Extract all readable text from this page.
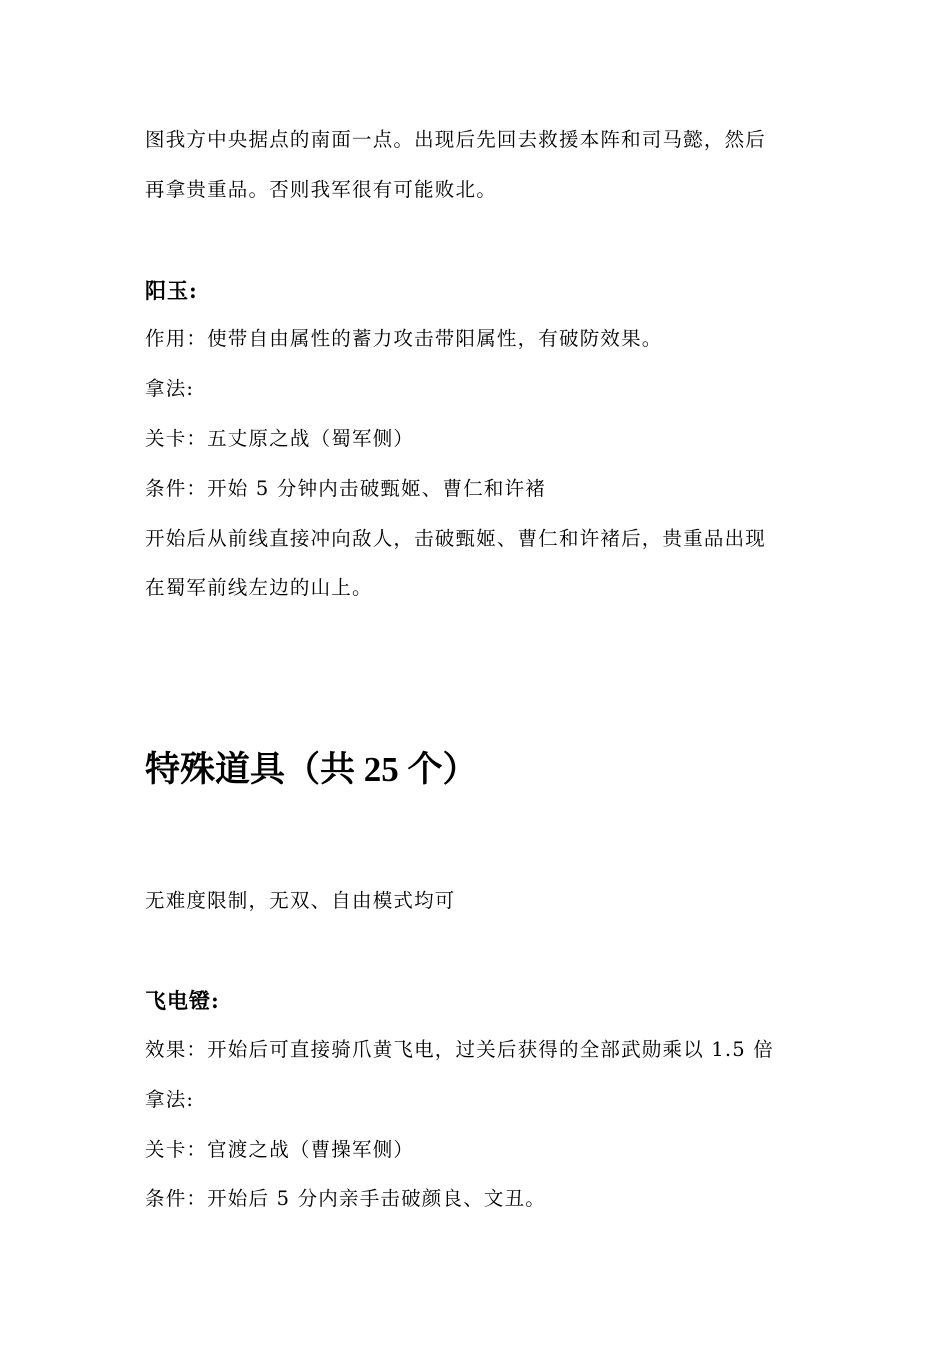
图我方中央据点的南面一点。出现后先回去救援本阵和司马懿，然后
再拿贵重品。否则我军很有可能败北。
阳玉:
作用：使带自由属性的蓄力攻击带阳属性，有破防效果。
拿法:
关卡：五丈原之战（蜀军侧）
条件：开始 5 分钟内击破甄姬、曹仁和许褚
开始后从前线直接冲向敌人，击破甄姬、曹仁和许褚后，贵重品出现
在蜀军前线左边的山上。
特殊道具（共 25 个）
无难度限制，无双、自由模式均可
飞电镫:
效果：开始后可直接骑爪黄飞电，过关后获得的全部武勋乘以 1.5 倍
拿法:
关卡：官渡之战（曹操军侧）
条件：开始后 5 分内亲手击破颜良、文丑。
